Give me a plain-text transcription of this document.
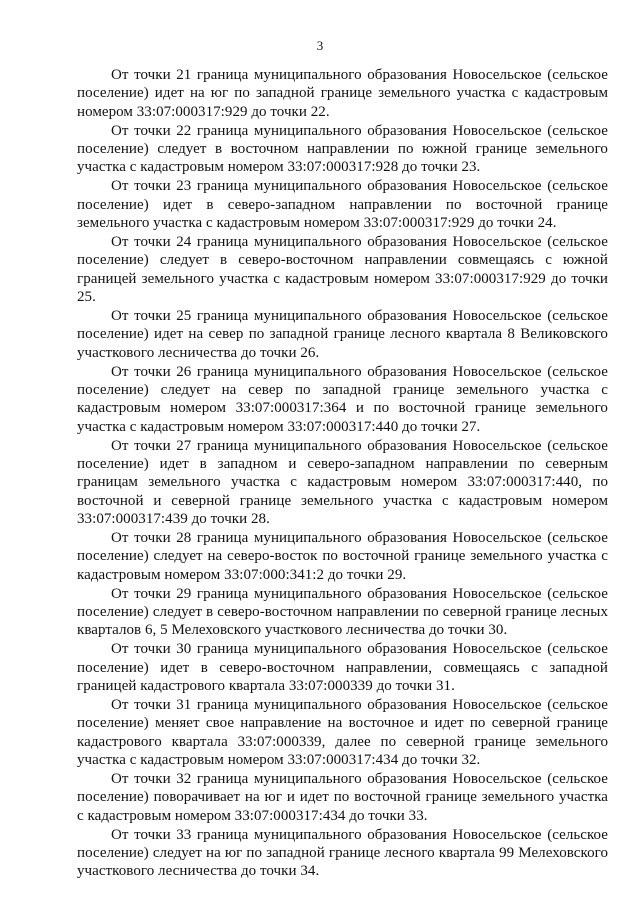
3

От точки 21 граница муниципального образования Новосельское (сельское поселение) идет на юг по западной границе земельного участка с кадастровым номером 33:07:000317:929 до точки 22.

От точки 22 граница муниципального образования Новосельское (сельское поселение) следует в восточном направлении по южной границе земельного участка с кадастровым номером 33:07:000317:928 до точки 23.

От точки 23 граница муниципального образования Новосельское (сельское поселение) идет в северо-западном направлении по восточной границе земельного участка с кадастровым номером 33:07:000317:929 до точки 24.

От точки 24 граница муниципального образования Новосельское (сельское поселение) следует в северо-восточном направлении совмещаясь с южной границей земельного участка с кадастровым номером 33:07:000317:929 до точки 25.

От точки 25 граница муниципального образования Новосельское (сельское поселение) идет на север по западной границе лесного квартала 8 Великовского участкового лесничества до точки 26.

От точки 26 граница муниципального образования Новосельское (сельское поселение) следует на север по западной границе земельного участка с кадастровым номером 33:07:000317:364 и по восточной границе земельного участка с кадастровым номером 33:07:000317:440 до точки 27.

От точки 27 граница муниципального образования Новосельское (сельское поселение) идет в западном и северо-западном направлении по северным границам земельного участка с кадастровым номером 33:07:000317:440, по восточной и северной границе земельного участка с кадастровым номером 33:07:000317:439 до точки 28.

От точки 28 граница муниципального образования Новосельское (сельское поселение) следует на северо-восток по восточной границе земельного участка с кадастровым номером 33:07:000:341:2 до точки 29.

От точки 29 граница муниципального образования Новосельское (сельское поселение) следует в северо-восточном направлении по северной границе лесных кварталов 6, 5 Мелеховского участкового лесничества до точки 30.

От точки 30 граница муниципального образования Новосельское (сельское поселение) идет в северо-восточном направлении, совмещаясь с западной границей кадастрового квартала 33:07:000339 до точки 31.

От точки 31 граница муниципального образования Новосельское (сельское поселение) меняет свое направление на восточное и идет по северной границе кадастрового квартала 33:07:000339, далее по северной границе земельного участка с кадастровым номером 33:07:000317:434 до точки 32.

От точки 32 граница муниципального образования Новосельское (сельское поселение) поворачивает на юг и идет по восточной границе земельного участка с кадастровым номером 33:07:000317:434 до точки 33.

От точки 33 граница муниципального образования Новосельское (сельское поселение) следует на юг по западной границе лесного квартала 99 Мелеховского участкового лесничества до точки 34.
